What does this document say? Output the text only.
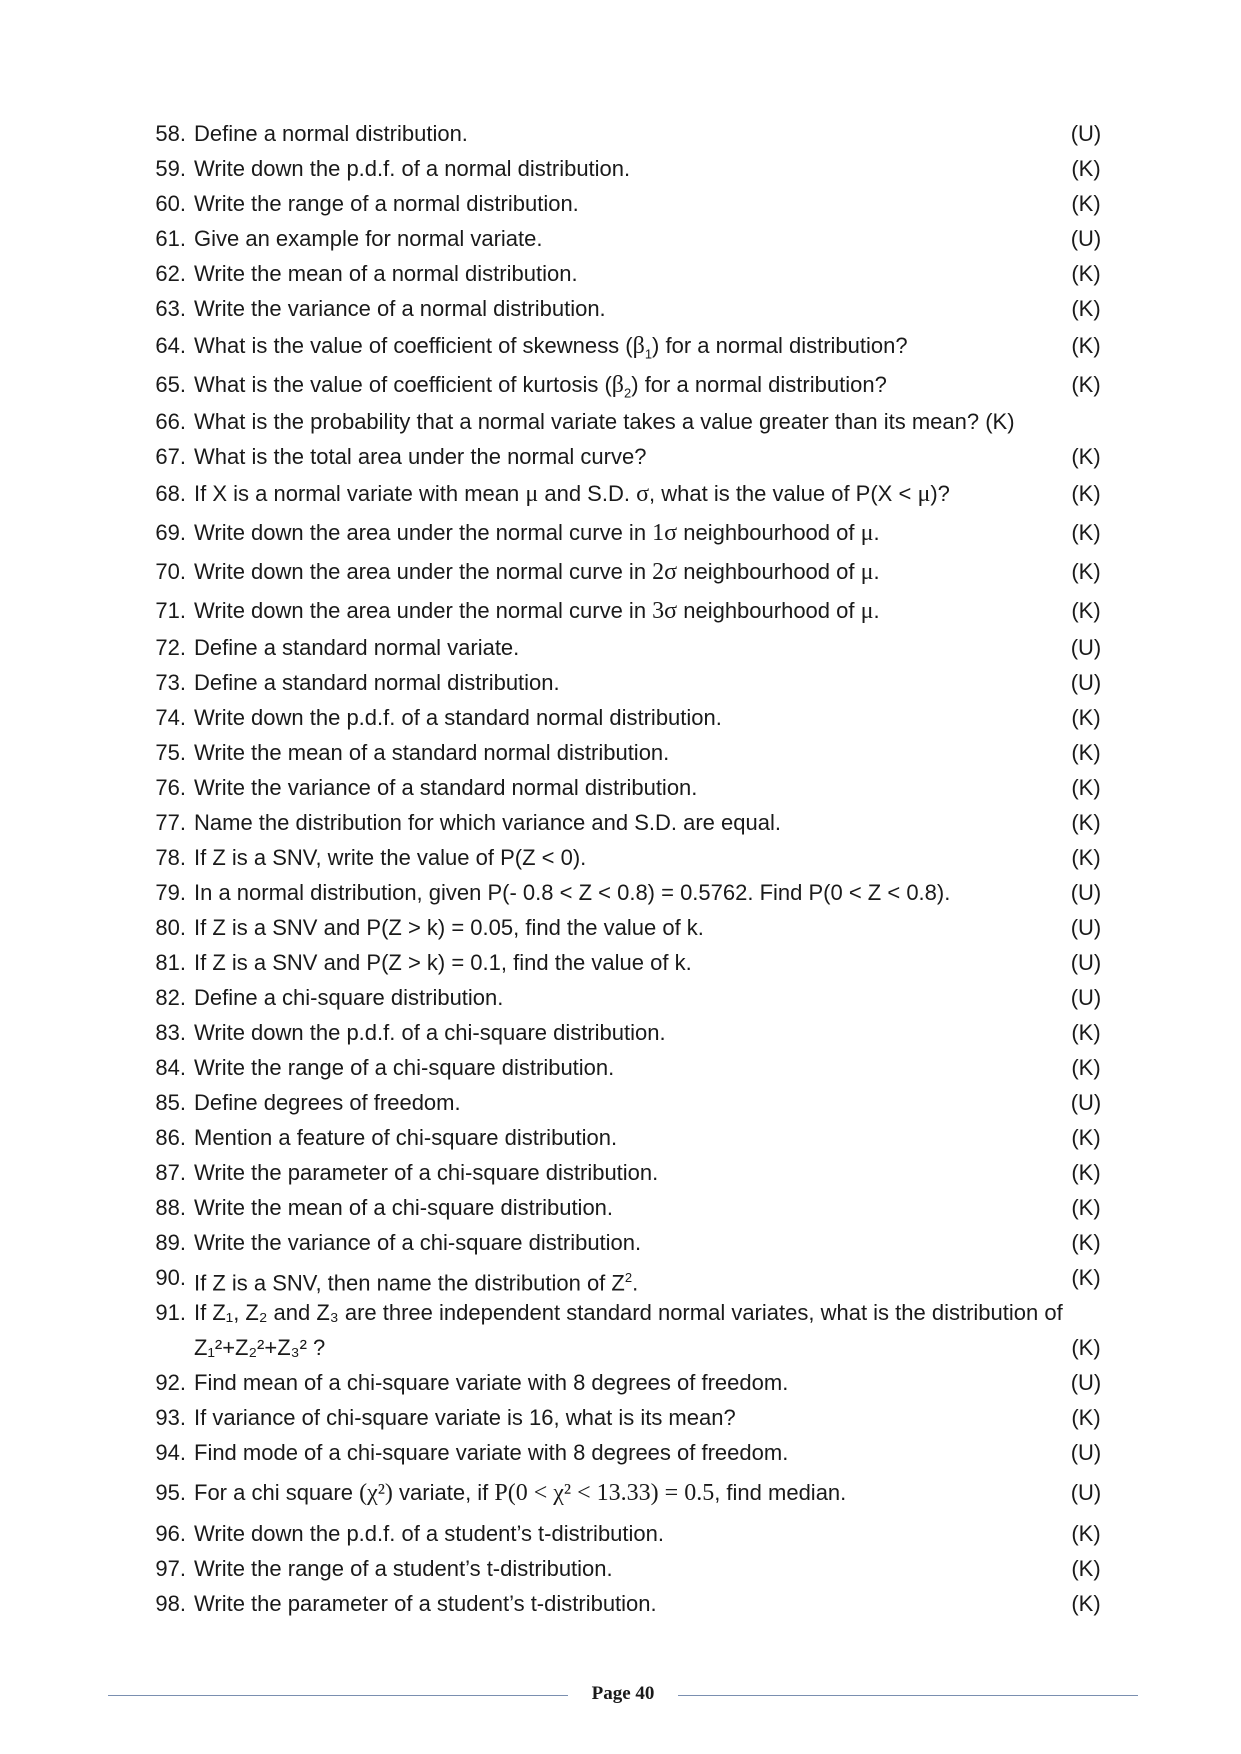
58. Define a normal distribution.	(U)
59. Write down the p.d.f. of a normal distribution.	(K)
60. Write the range of a normal distribution.	(K)
61. Give an example for normal variate.	(U)
62. Write the mean of a normal distribution.	(K)
63. Write the variance of a normal distribution.	(K)
64. What is the value of coefficient of skewness $(\beta_1)$ for a normal distribution?	(K)
65. What is the value of coefficient of kurtosis $(\beta_2)$ for a normal distribution?	(K)
66. What is the probability that a normal variate takes a value greater than its mean? (K)
67. What is the total area under the normal curve?	(K)
68. If X is a normal variate with mean μ and S.D. σ, what is the value of P(X < μ)?	(K)
69. Write down the area under the normal curve in 1σ neighbourhood of μ.	(K)
70. Write down the area under the normal curve in 2σ neighbourhood of μ.	(K)
71. Write down the area under the normal curve in 3σ neighbourhood of μ.	(K)
72. Define a standard normal variate.	(U)
73. Define a standard normal distribution.	(U)
74. Write down the p.d.f. of a standard normal distribution.	(K)
75. Write the mean of a standard normal distribution.	(K)
76. Write the variance of a standard normal distribution.	(K)
77. Name the distribution for which variance and S.D. are equal.	(K)
78. If Z is a SNV, write the value of P(Z < 0).	(K)
79. In a normal distribution, given P(- 0.8 < Z < 0.8) = 0.5762. Find P(0 < Z < 0.8).	(U)
80. If Z is a SNV and P(Z > k) = 0.05, find the value of k.	(U)
81. If Z is a SNV and P(Z > k) = 0.1, find the value of k.	(U)
82. Define a chi-square distribution.	(U)
83. Write down the p.d.f. of a chi-square distribution.	(K)
84. Write the range of a chi-square distribution.	(K)
85. Define degrees of freedom.	(U)
86. Mention a feature of chi-square distribution.	(K)
87. Write the parameter of a chi-square distribution.	(K)
88. Write the mean of a chi-square distribution.	(K)
89. Write the variance of a chi-square distribution.	(K)
90. If Z is a SNV, then name the distribution of $Z^2$.	(K)
91. If Z₁, Z₂ and Z₃ are three independent standard normal variates, what is the distribution of
Z₁²+Z₂²+Z₃² ?	(K)
92. Find mean of a chi-square variate with 8 degrees of freedom.	(U)
93. If variance of chi-square variate is 16, what is its mean?	(K)
94. Find mode of a chi-square variate with 8 degrees of freedom.	(U)
95. For a chi square (χ²) variate, if P(0 < χ² < 13.33) = 0.5, find median.	(U)
96. Write down the p.d.f. of a student’s t-distribution.	(K)
97. Write the range of a student’s t-distribution.	(K)
98. Write the parameter of a student’s t-distribution.	(K)
Page 40
